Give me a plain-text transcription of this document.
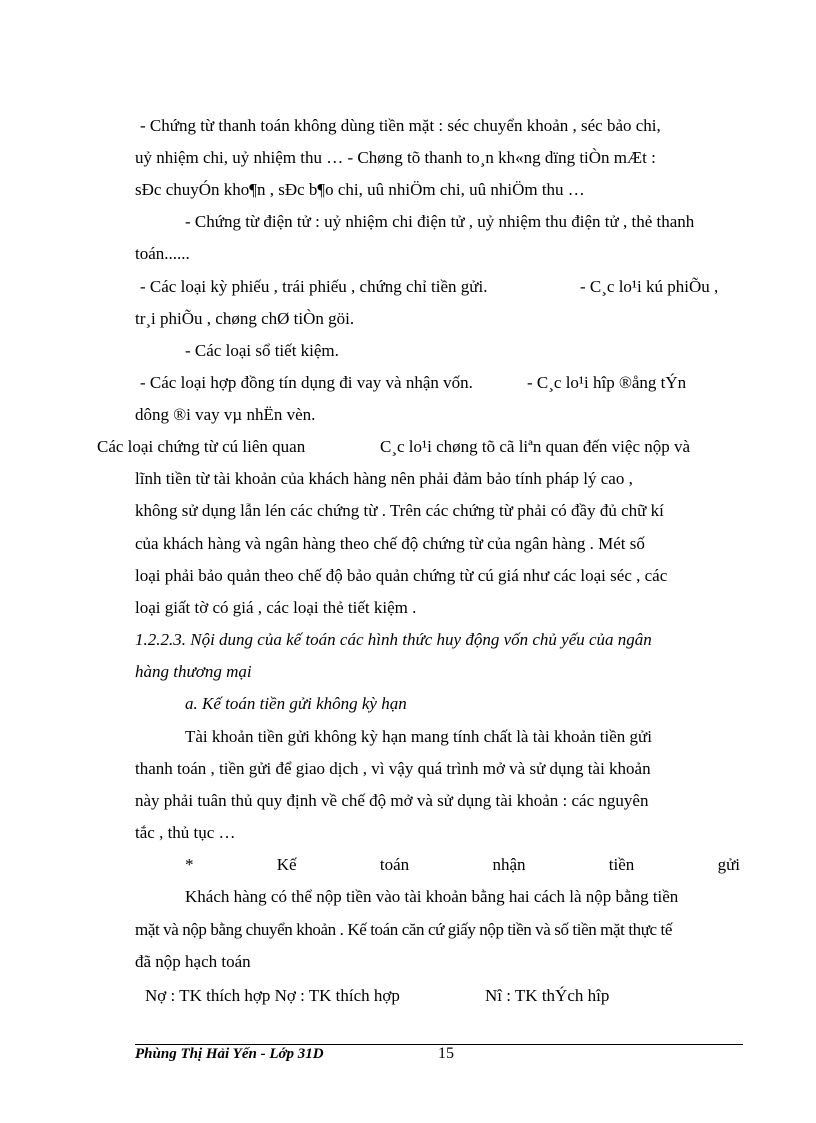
- Chứng từ thanh toán không dùng tiền mặt : séc chuyển khoản , séc bảo chi,
uỷ nhiệm chi, uỷ nhiệm thu … - Chøng tõ thanh to¸n kh«ng dïng tiÒn mÆt :
sÐc chuyÓn kho¶n , sÐc b¶o chi, uû nhiÖm chi, uû nhiÖm thu …
- Chứng từ điện tử : uỷ nhiệm chi điện tử , uỷ nhiệm thu điện tử , thẻ thanh
toán......
- Các loại kỳ phiếu , trái phiếu , chứng chỉ tiền gửi.	- C¸c lo¹i kú phiÕu ,
tr¸i phiÕu , chøng chØ tiÒn göi.
- Các loại sổ tiết kiệm.
- Các loại hợp đồng tín dụng đi vay và nhận vốn.	- C¸c lo¹i hîp ®ång tÝn
dông ®i vay vµ nhËn vèn.
Các loại chứng từ cú liên quan	C¸c lo¹i chøng tõ cã li‍ªn quan đến việc nộp và
lĩnh tiền từ tài khoản của khách hàng nên phải đảm bảo tính pháp lý cao ,
không sử dụng lẫn lén các chứng từ . Trên các chứng từ phải có đầy đủ chữ kí
của khách hàng và ngân hàng theo chế độ chứng từ của ngân hàng . Mét số
loại phải bảo quản theo chế độ bảo quản chứng từ cú giá như các loại séc , các
loại giất tờ có giá , các loại thẻ tiết kiệm .
1.2.2.3. Nội dung của kế toán các hình thức huy động vốn chủ yếu của ngân
hàng thương mại
a. Kế toán tiền gửi không kỳ hạn
Tài khoản tiền gửi không kỳ hạn mang tính chất là tài khoản tiền gửi
thanh toán , tiền gửi để giao dịch , vì vậy quá trình mở và sử dụng tài khoản
này phải tuân thủ quy định về chế độ mở và sử dụng tài khoản : các nguyên
tắc , thủ tục …
*	Kế	toán	nhận	tiền	gửi
Khách hàng có thể nộp tiền vào tài khoản bằng hai cách là nộp bằng tiền
mặt và nộp bằng chuyển khoản . Kế toán căn cứ giấy nộp tiền và số tiền mặt thực tế
đã nộp hạch toán
Nợ : TK thích hợp Nợ : TK thích hợp	Nî : TK thÝch hîp
Phùng Thị Hải Yến - Lớp 31D	15
